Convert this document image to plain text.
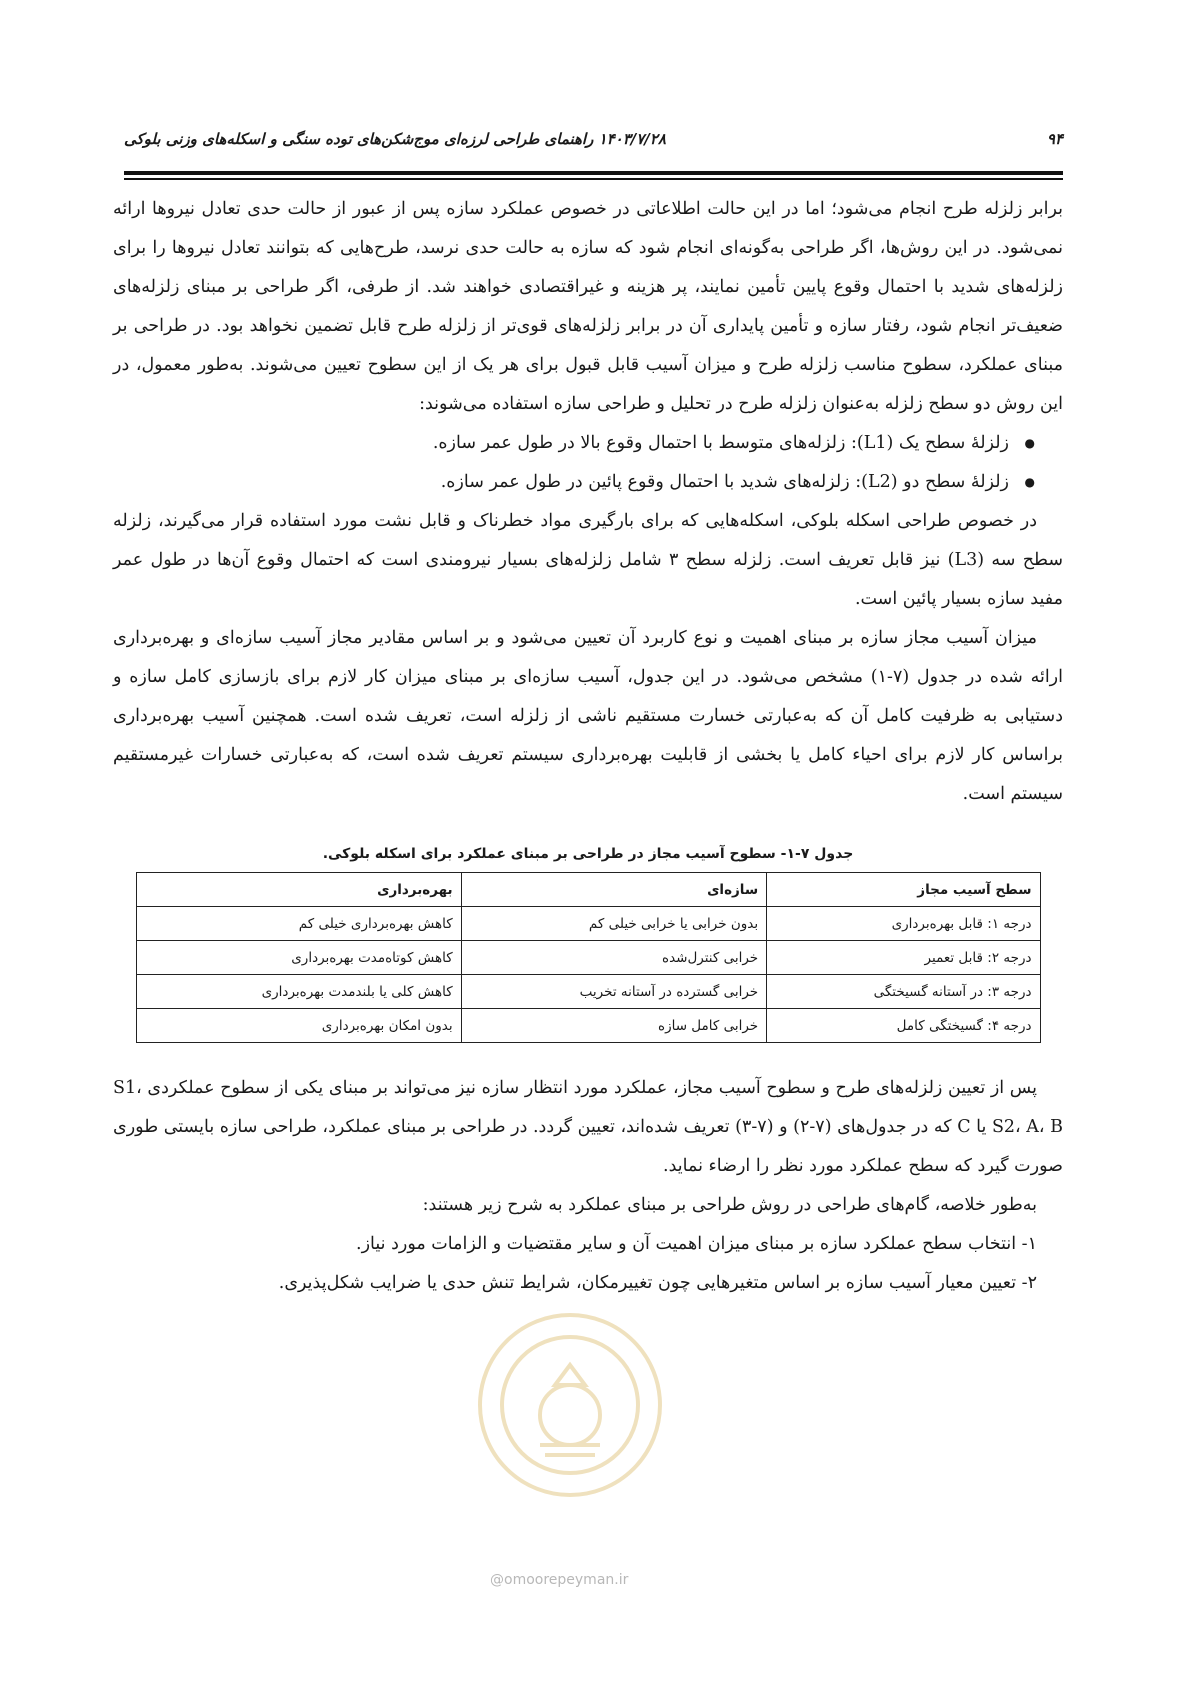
۱۴۰۳/۷/۲۸ راهنمای طراحی لرزه‌ای موج‌شکن‌های توده سنگی و اسکله‌های وزنی بلوکی	۹۴

برابر زلزله طرح انجام می‌شود؛ اما در این حالت اطلاعاتی در خصوص عملکرد سازه پس از عبور از حالت حدی تعادل نیروها ارائه نمی‌شود. در این روش‌ها، اگر طراحی به‌گونه‌ای انجام شود که سازه به حالت حدی نرسد، طرح‌هایی که بتوانند تعادل نیروها را برای زلزله‌های شدید با احتمال وقوع پایین تأمین نمایند، پر هزینه و غیراقتصادی خواهند شد. از طرفی، اگر طراحی بر مبنای زلزله‌های ضعیف‌تر انجام شود، رفتار سازه و تأمین پایداری آن در برابر زلزله‌های قوی‌تر از زلزله طرح قابل تضمین نخواهد بود. در طراحی بر مبنای عملکرد، سطوح مناسب زلزله طرح و میزان آسیب قابل قبول برای هر یک از این سطوح تعیین می‌شوند. به‌طور معمول، در این روش دو سطح زلزله به‌عنوان زلزله طرح در تحلیل و طراحی سازه استفاده می‌شوند:

● زلزلهٔ سطح یک (L1): زلزله‌های متوسط با احتمال وقوع بالا در طول عمر سازه.
● زلزلهٔ سطح دو (L2): زلزله‌های شدید با احتمال وقوع پائین در طول عمر سازه.

در خصوص طراحی اسکله بلوکی، اسکله‌هایی که برای بارگیری مواد خطرناک و قابل نشت مورد استفاده قرار می‌گیرند، زلزله سطح سه (L3) نیز قابل تعریف است. زلزله سطح ۳ شامل زلزله‌های بسیار نیرومندی است که احتمال وقوع آن‌ها در طول عمر مفید سازه بسیار پائین است.

میزان آسیب مجاز سازه بر مبنای اهمیت و نوع کاربرد آن تعیین می‌شود و بر اساس مقادیر مجاز آسیب سازه‌ای و بهره‌برداری ارائه شده در جدول (۷-۱) مشخص می‌شود. در این جدول، آسیب سازه‌ای بر مبنای میزان کار لازم برای بازسازی کامل سازه و دستیابی به ظرفیت کامل آن که به‌عبارتی خسارت مستقیم ناشی از زلزله است، تعریف شده است. همچنین آسیب بهره‌برداری براساس کار لازم برای احیاء کامل یا بخشی از قابلیت بهره‌برداری سیستم تعریف شده است، که به‌عبارتی خسارات غیرمستقیم سیستم است.

جدول ۷-۱- سطوح آسیب مجاز در طراحی بر مبنای عملکرد برای اسکله بلوکی.
سطح آسیب مجاز	سازه‌ای	بهره‌برداری
درجه ۱: قابل بهره‌برداری	بدون خرابی یا خرابی خیلی کم	کاهش بهره‌برداری خیلی کم
درجه ۲: قابل تعمیر	خرابی کنترل‌شده	کاهش کوتاه‌مدت بهره‌برداری
درجه ۳: در آستانه گسیختگی	خرابی گسترده در آستانه تخریب	کاهش کلی یا بلندمدت بهره‌برداری
درجه ۴: گسیختگی کامل	خرابی کامل سازه	بدون امکان بهره‌برداری

پس از تعیین زلزله‌های طرح و سطوح آسیب مجاز، عملکرد مورد انتظار سازه نیز می‌تواند بر مبنای یکی از سطوح عملکردی S1، S2، A، B یا C که در جدول‌های (۷-۲) و (۷-۳) تعریف شده‌اند، تعیین گردد. در طراحی بر مبنای عملکرد، طراحی سازه بایستی طوری صورت گیرد که سطح عملکرد مورد نظر را ارضاء نماید.

به‌طور خلاصه، گام‌های طراحی در روش طراحی بر مبنای عملکرد به شرح زیر هستند:

۱- انتخاب سطح عملکرد سازه بر مبنای میزان اهمیت آن و سایر مقتضیات و الزامات مورد نیاز.

۲- تعیین معیار آسیب سازه بر اساس متغیرهایی چون تغییرمکان، شرایط تنش حدی یا ضرایب شکل‌پذیری.

@omoorepeyman.ir
